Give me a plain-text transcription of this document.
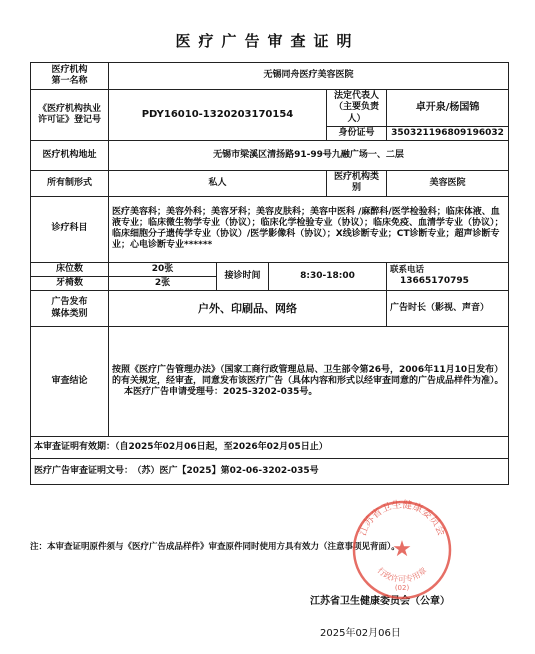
医疗广告审查证明
医疗机构
第一名称	无锡同舟医疗美容医院				
《医疗机构执业许可证》登记号	PDY16010-1320203170154			法定代表人
（主要负责人）	卓开泉/杨国锦
				身份证号	350321196809196032
医疗机构地址	无锡市梁溪区清扬路91-99号九融广场一、二层				
所有制形式	私人			医疗机构类别	美容医院
诊疗科目	医疗美容科；美容外科；美容牙科；美容皮肤科；美容中医科 /麻醉科/医学检验科；临床体液、血液专业；临床微生物学专业（协议）；临床化学检验专业（协议）；临床免疫、血清学专业（协议）；临床细胞分子遗传学专业（协议）/医学影像科（协议）；X线诊断专业；CT诊断专业；超声诊断专业；心电诊断专业******				
床位数	20张	接诊时间	8:30-18:00		联系电话 13665170795
牙椅数	2张				
广告发布
媒体类别	户外、印刷品、网络				广告时长（影视、声音）
审查结论	按照《医疗广告管理办法》（国家工商行政管理总局、卫生部令第26号，2006年11月10日发布）的有关规定，经审查，同意发布该医疗广告（具体内容和形式以经审查同意的广告成品样件为准）。
本医疗广告申请受理号：2025-3202-035号。				

本审查证明有效期：（自2025年02月06日起，至2026年02月05日止）					
医疗广告审查证明文号： （苏）医广【2025】第02-06-3202-035号					
注：本审查证明原件须与《医疗广告成品样件》审查原件同时使用方具有效力（注意事项见背面）。
江苏省卫生健康委员会（公章）
2025年02月06日
江苏省卫生健康委员会
★
行政许可专用章
(02)
